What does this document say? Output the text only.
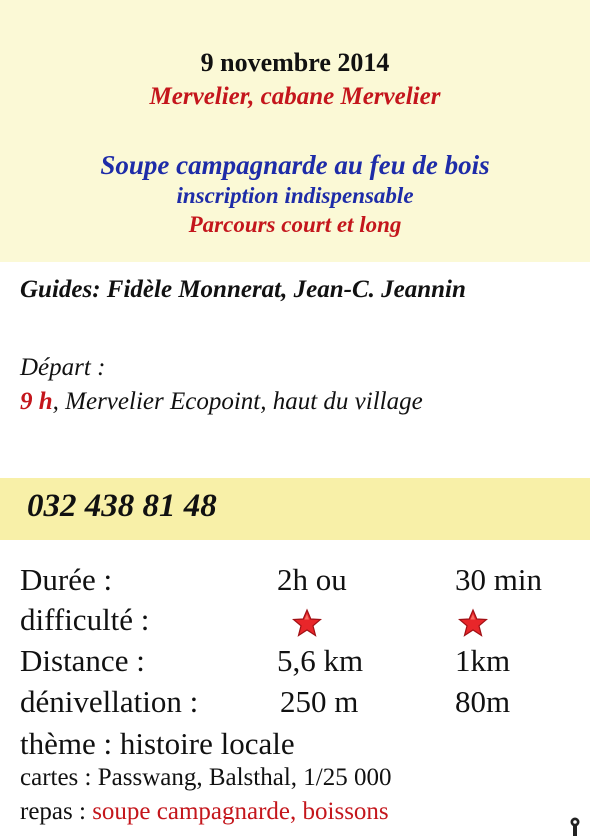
9 novembre 2014
Mervelier, cabane Mervelier
Soupe campagnarde au feu de bois
inscription indispensable
Parcours court et long
Guides: Fidèle Monnerat, Jean-C. Jeannin
Départ :
9 h, Mervelier Ecopoint, haut du village
032 438 81 48
Durée :	2h ou	30 min
difficulté :
Distance :	5,6 km	1km
dénivellation :	250 m	80m
thème : histoire locale
cartes : Passwang, Balsthal, 1/25 000
repas : soupe campagnarde, boissons
